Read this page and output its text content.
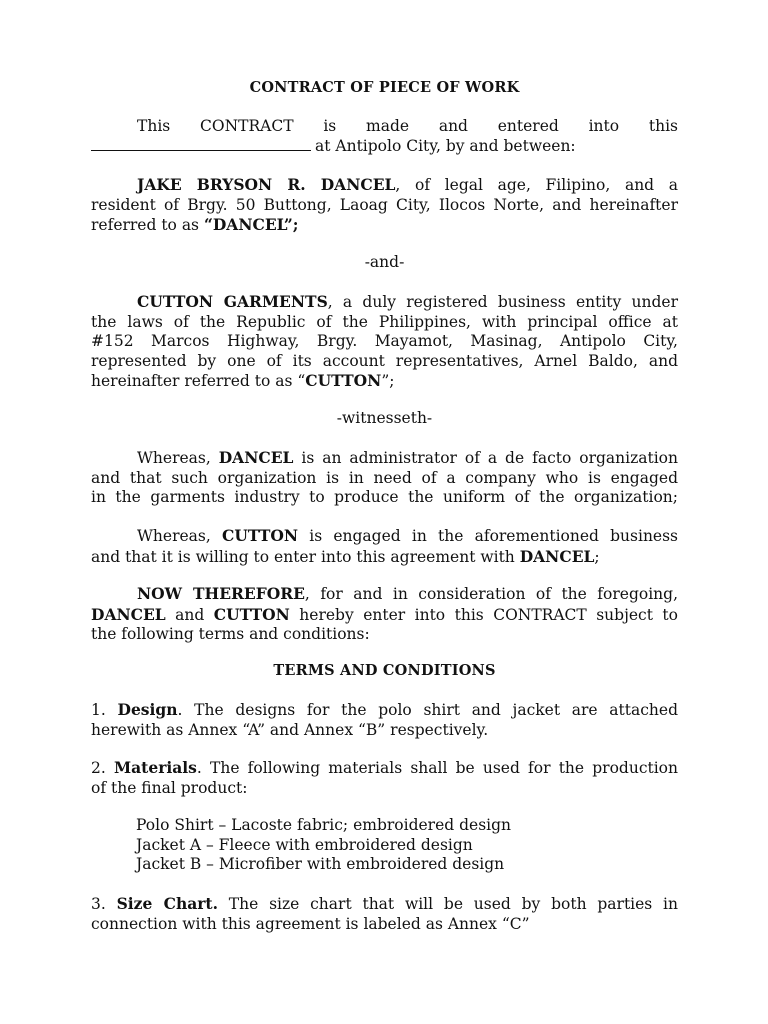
CONTRACT OF PIECE OF WORK

This CONTRACT is made and entered into this
at Antipolo City, by and between:
JAKE BRYSON R. DANCEL, of legal age, Filipino, and a
resident of Brgy. 50 Buttong, Laoag City, Ilocos Norte, and hereinafter
referred to as “DANCEL”;

-and-

CUTTON GARMENTS, a duly registered business entity under
the laws of the Republic of the Philippines, with principal office at
#152 Marcos Highway, Brgy. Mayamot, Masinag, Antipolo City,
represented by one of its account representatives, Arnel Baldo, and
hereinafter referred to as “CUTTON”;

-witnesseth-

Whereas, DANCEL is an administrator of a de facto organization
and that such organization is in need of a company who is engaged
in the garments industry to produce the uniform of the organization;
Whereas, CUTTON is engaged in the aforementioned business
and that it is willing to enter into this agreement with DANCEL;
NOW THEREFORE, for and in consideration of the foregoing,
DANCEL and CUTTON hereby enter into this CONTRACT subject to
the following terms and conditions:

TERMS AND CONDITIONS

1. Design. The designs for the polo shirt and jacket are attached
herewith as Annex “A” and Annex “B” respectively.
2. Materials. The following materials shall be used for the production
of the final product:
Polo Shirt – Lacoste fabric; embroidered design
Jacket A – Fleece with embroidered design
Jacket B – Microfiber with embroidered design
3. Size Chart. The size chart that will be used by both parties in
connection with this agreement is labeled as Annex “C”
